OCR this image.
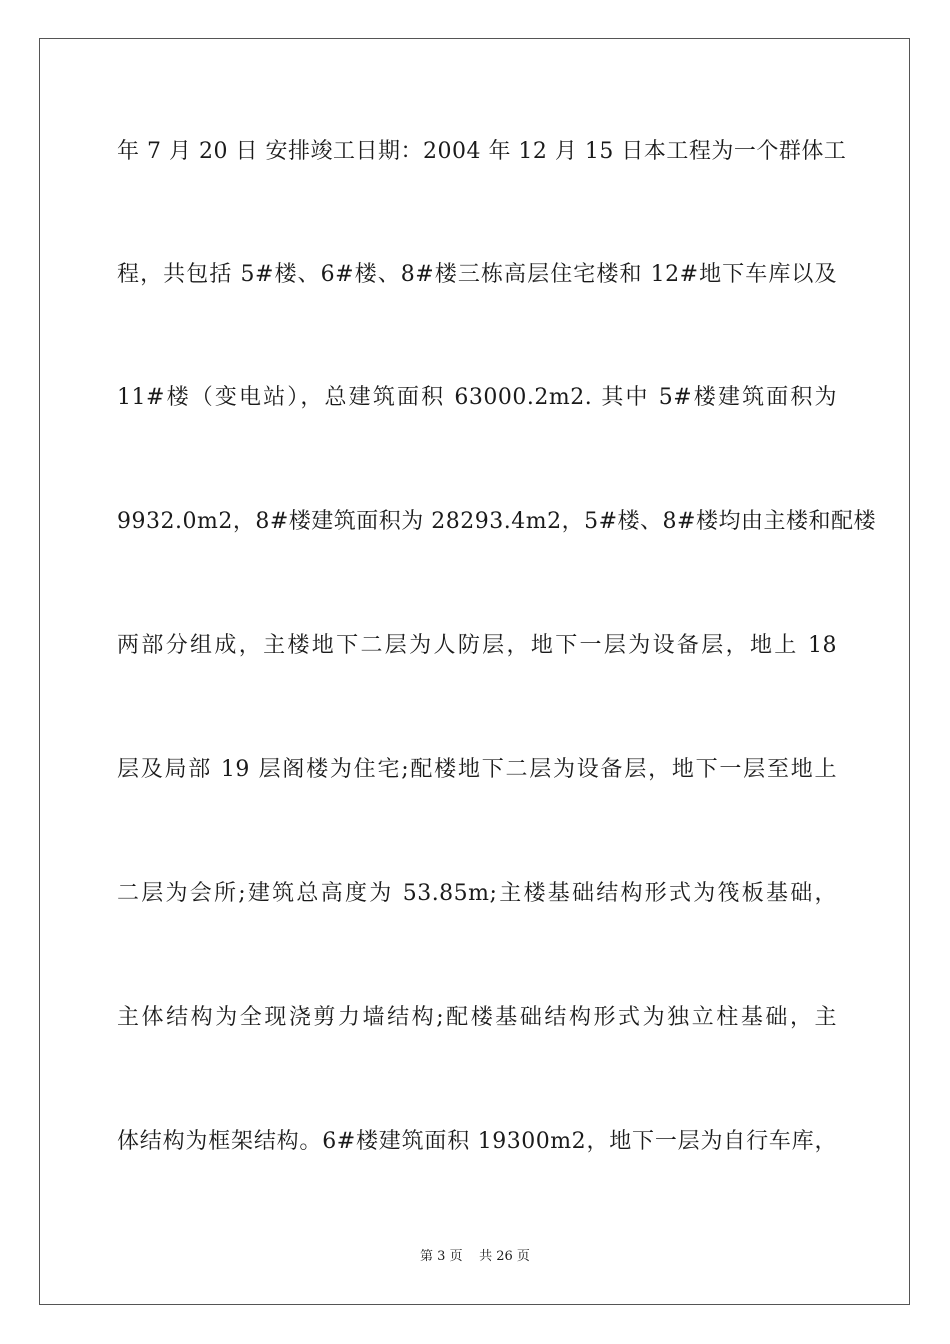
年 7 月 20 日 安排竣工日期：2004 年 12 月 15 日本工程为一个群体工
程，共包括 5#楼、6#楼、8#楼三栋高层住宅楼和 12#地下车库以及
11#楼（变电站），总建筑面积 63000.2m2. 其中 5#楼建筑面积为
9932.0m2，8#楼建筑面积为 28293.4m2，5#楼、8#楼均由主楼和配楼
两部分组成，主楼地下二层为人防层，地下一层为设备层，地上 18
层及局部 19 层阁楼为住宅;配楼地下二层为设备层，地下一层至地上
二层为会所;建筑总高度为 53.85m;主楼基础结构形式为筏板基础，
主体结构为全现浇剪力墙结构;配楼基础结构形式为独立柱基础，主
体结构为框架结构。6#楼建筑面积 19300m2，地下一层为自行车库，
第 3 页 共 26 页
